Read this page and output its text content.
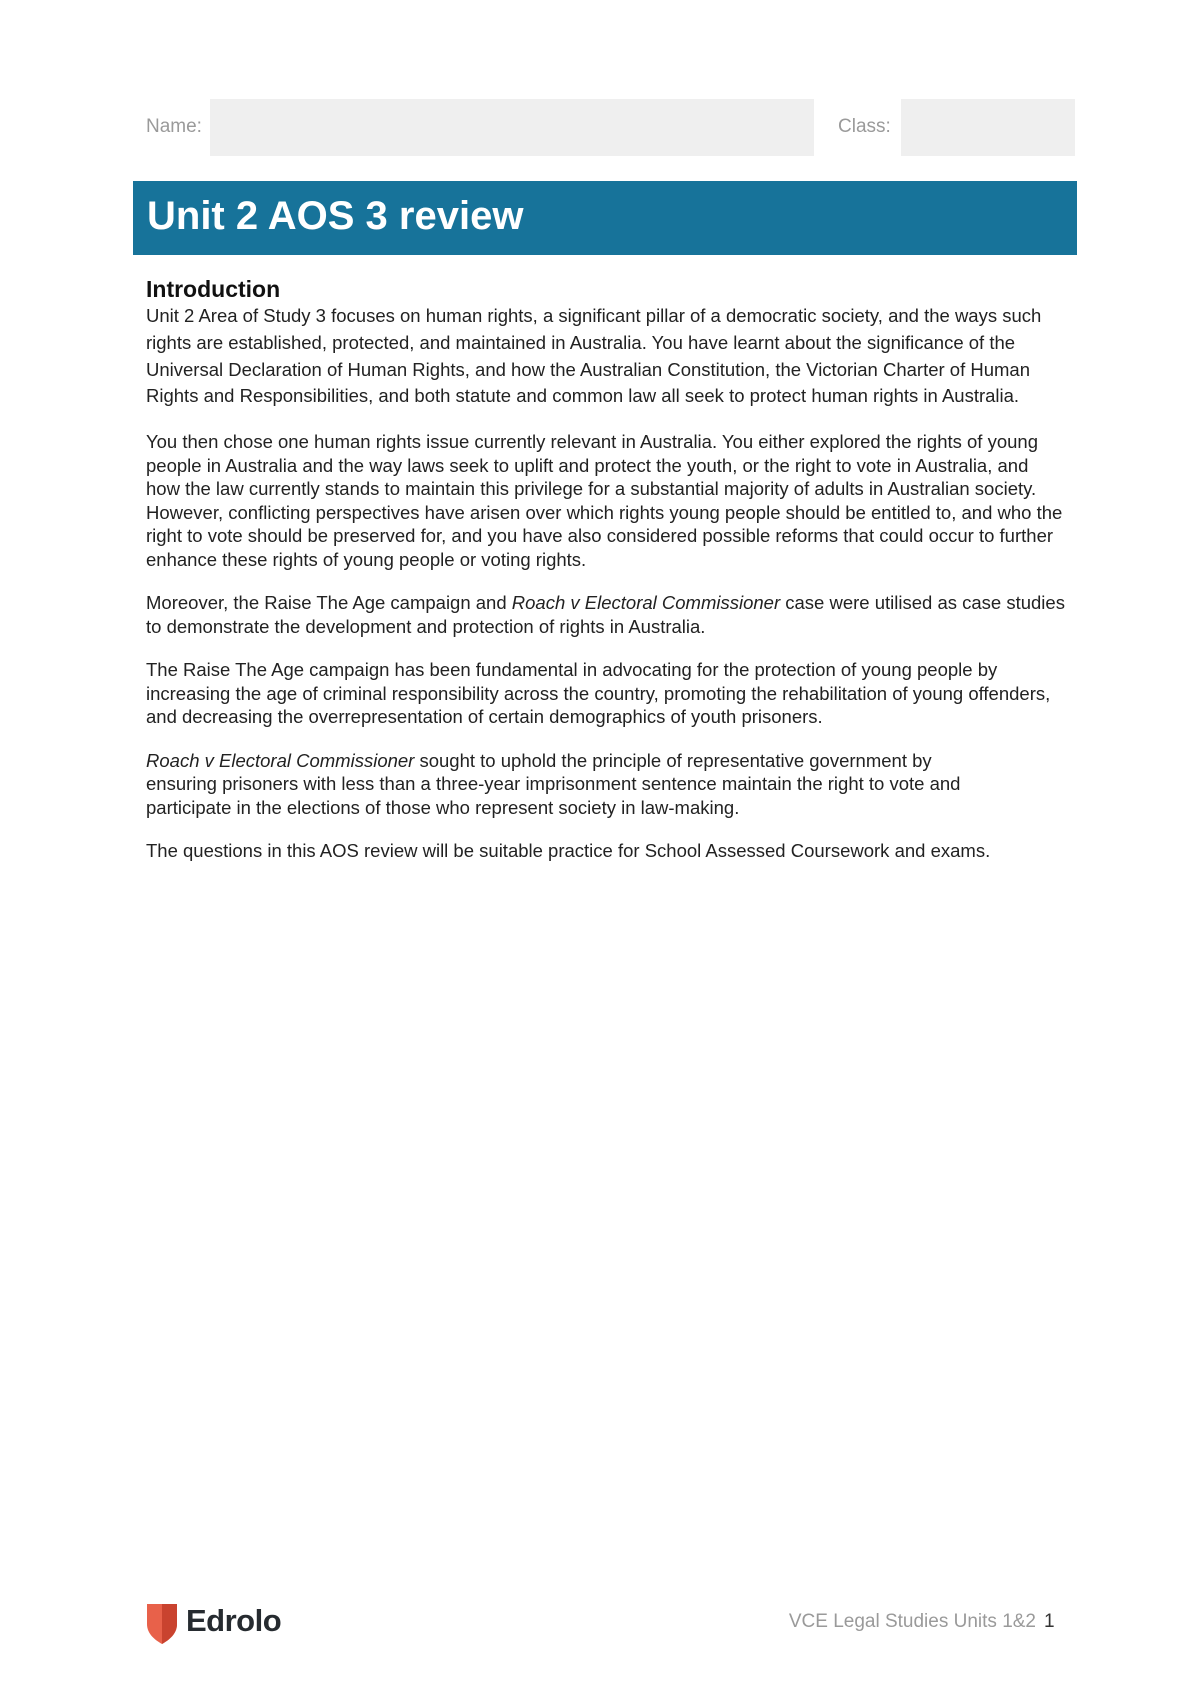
Name:	Class:
Unit 2 AOS 3 review
Introduction

Unit 2 Area of Study 3 focuses on human rights, a significant pillar of a democratic society, and the ways such rights are established, protected, and maintained in Australia. You have learnt about the significance of the Universal Declaration of Human Rights, and how the Australian Constitution, the Victorian Charter of Human Rights and Responsibilities, and both statute and common law all seek to protect human rights in Australia.

You then chose one human rights issue currently relevant in Australia. You either explored the rights of young people in Australia and the way laws seek to uplift and protect the youth, or the right to vote in Australia, and how the law currently stands to maintain this privilege for a substantial majority of adults in Australian society. However, conflicting perspectives have arisen over which rights young people should be entitled to, and who the right to vote should be preserved for, and you have also considered possible reforms that could occur to further enhance these rights of young people or voting rights.

Moreover, the Raise The Age campaign and Roach v Electoral Commissioner case were utilised as case studies to demonstrate the development and protection of rights in Australia.

The Raise The Age campaign has been fundamental in advocating for the protection of young people by increasing the age of criminal responsibility across the country, promoting the rehabilitation of young offenders, and decreasing the overrepresentation of certain demographics of youth prisoners.

Roach v Electoral Commissioner sought to uphold the principle of representative government by ensuring prisoners with less than a three-year imprisonment sentence maintain the right to vote and participate in the elections of those who represent society in law-making.

The questions in this AOS review will be suitable practice for School Assessed Coursework and exams.

Edrolo	VCE Legal Studies Units 1&2 1
